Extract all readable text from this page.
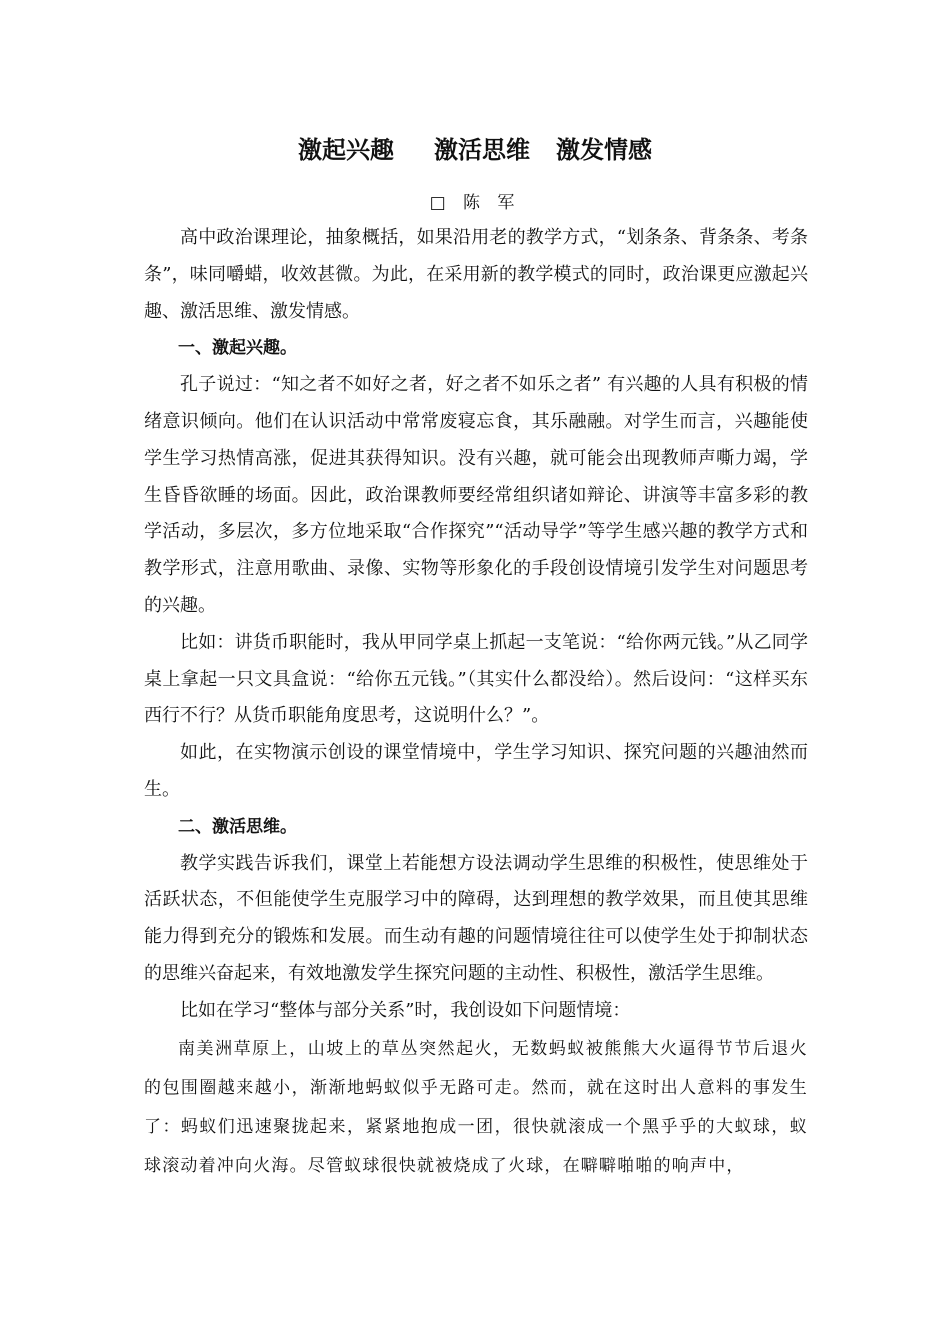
激起兴趣 激活思维 激发情感
□ 陈 军

高中政治课理论，抽象概括，如果沿用老的教学方式，“划条条、背条条、考条条”，味同嚼蜡，收效甚微。为此，在采用新的教学模式的同时，政治课更应激起兴趣、激活思维、激发情感。

一、激起兴趣。

孔子说过：“知之者不如好之者，好之者不如乐之者” 有兴趣的人具有积极的情绪意识倾向。他们在认识活动中常常废寝忘食，其乐融融。对学生而言，兴趣能使学生学习热情高涨，促进其获得知识。没有兴趣，就可能会出现教师声嘶力竭，学生昏昏欲睡的场面。因此，政治课教师要经常组织诸如辩论、讲演等丰富多彩的教学活动，多层次，多方位地采取“合作探究”“活动导学”等学生感兴趣的教学方式和教学形式，注意用歌曲、录像、实物等形象化的手段创设情境引发学生对问题思考的兴趣。

比如：讲货币职能时，我从甲同学桌上抓起一支笔说：“给你两元钱。”从乙同学桌上拿起一只文具盒说：“给你五元钱。”（其实什么都没给）。然后设问：“这样买东西行不行？从货币职能角度思考，这说明什么？”。

如此，在实物演示创设的课堂情境中，学生学习知识、探究问题的兴趣油然而生。

二、激活思维。

教学实践告诉我们，课堂上若能想方设法调动学生思维的积极性，使思维处于活跃状态，不但能使学生克服学习中的障碍，达到理想的教学效果，而且使其思维能力得到充分的锻炼和发展。而生动有趣的问题情境往往可以使学生处于抑制状态的思维兴奋起来，有效地激发学生探究问题的主动性、积极性，激活学生思维。

比如在学习“整体与部分关系”时，我创设如下问题情境：

南美洲草原上，山坡上的草丛突然起火，无数蚂蚁被熊熊大火逼得节节后退火的包围圈越来越小，渐渐地蚂蚁似乎无路可走。然而，就在这时出人意料的事发生了：蚂蚁们迅速聚拢起来，紧紧地抱成一团，很快就滚成一个黑乎乎的大蚁球，蚁球滚动着冲向火海。尽管蚁球很快就被烧成了火球，在噼噼啪啪的响声中，
